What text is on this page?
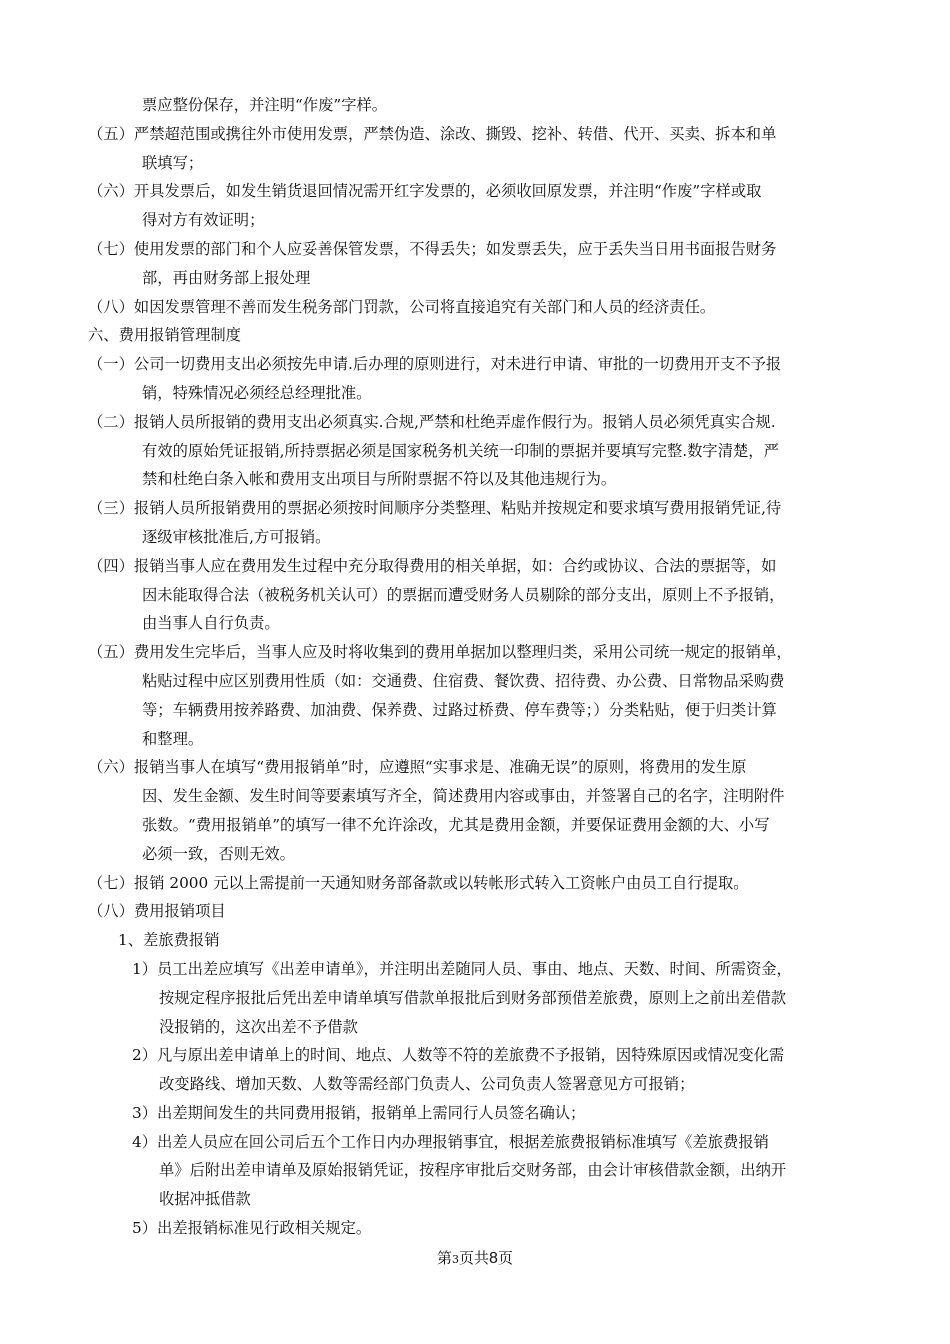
票应整份保存，并注明“作废”字样。
（五）严禁超范围或携往外市使用发票，严禁伪造、涂改、撕毁、挖补、转借、代开、买卖、拆本和单
联填写；
（六）开具发票后，如发生销货退回情况需开红字发票的，必须收回原发票，并注明“作废”字样或取
得对方有效证明；
（七）使用发票的部门和个人应妥善保管发票，不得丢失；如发票丢失，应于丢失当日用书面报告财务
部，再由财务部上报处理
（八）如因发票管理不善而发生税务部门罚款，公司将直接追究有关部门和人员的经济责任。
六、费用报销管理制度
（一）公司一切费用支出必须按先申请.后办理的原则进行，对未进行申请、审批的一切费用开支不予报
销，特殊情况必须经总经理批准。
（二）报销人员所报销的费用支出必须真实.合规,严禁和杜绝弄虚作假行为。报销人员必须凭真实合规.
有效的原始凭证报销,所持票据必须是国家税务机关统一印制的票据并要填写完整.数字清楚，严
禁和杜绝白条入帐和费用支出项目与所附票据不符以及其他违规行为。
（三）报销人员所报销费用的票据必须按时间顺序分类整理、粘贴并按规定和要求填写费用报销凭证,待
逐级审核批准后,方可报销。
（四）报销当事人应在费用发生过程中充分取得费用的相关单据，如：合约或协议、合法的票据等，如
因未能取得合法（被税务机关认可）的票据而遭受财务人员剔除的部分支出，原则上不予报销，
由当事人自行负责。
（五）费用发生完毕后，当事人应及时将收集到的费用单据加以整理归类，采用公司统一规定的报销单，
粘贴过程中应区别费用性质（如：交通费、住宿费、餐饮费、招待费、办公费、日常物品采购费
等；车辆费用按养路费、加油费、保养费、过路过桥费、停车费等；）分类粘贴，便于归类计算
和整理。
（六）报销当事人在填写“费用报销单”时，应遵照“实事求是、准确无误”的原则，将费用的发生原
因、发生金额、发生时间等要素填写齐全，简述费用内容或事由，并签署自己的名字，注明附件
张数。“费用报销单”的填写一律不允许涂改，尤其是费用金额，并要保证费用金额的大、小写
必须一致，否则无效。
（七）报销 2000 元以上需提前一天通知财务部备款或以转帐形式转入工资帐户由员工自行提取。
（八）费用报销项目
1、差旅费报销
1）员工出差应填写《出差申请单》，并注明出差随同人员、事由、地点、天数、时间、所需资金，
按规定程序报批后凭出差申请单填写借款单报批后到财务部预借差旅费，原则上之前出差借款
没报销的，这次出差不予借款
2）凡与原出差申请单上的时间、地点、人数等不符的差旅费不予报销，因特殊原因或情况变化需
改变路线、增加天数、人数等需经部门负责人、公司负责人签署意见方可报销；
3）出差期间发生的共同费用报销，报销单上需同行人员签名确认；
4）出差人员应在回公司后五个工作日内办理报销事宜，根据差旅费报销标准填写《差旅费报销
单》后附出差申请单及原始报销凭证，按程序审批后交财务部，由会计审核借款金额，出纳开
收据冲抵借款
5）出差报销标准见行政相关规定。
第3页共8页
